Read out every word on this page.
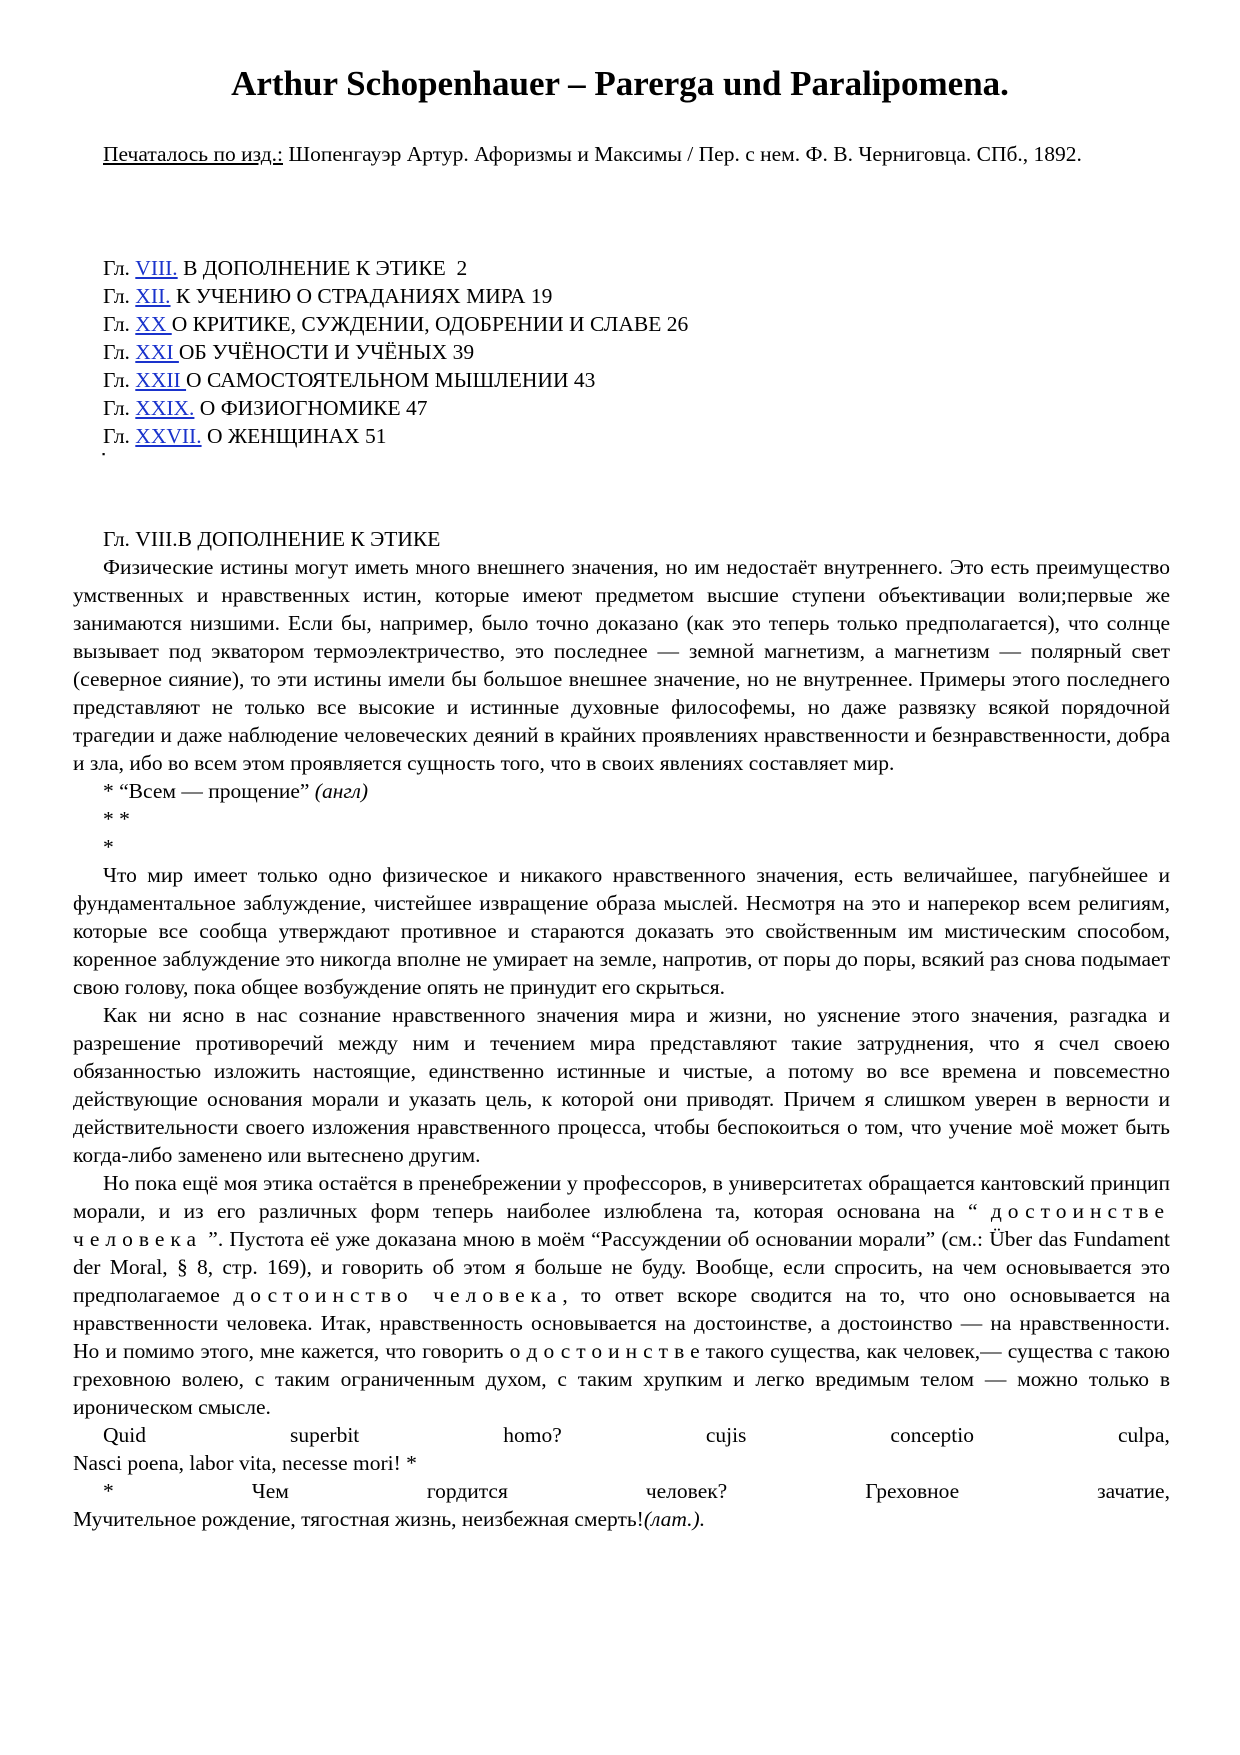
Arthur Schopenhauer – Parerga und Paralipomena.

Печаталось по изд.: Шопенгауэр Артур. Афоризмы и Максимы / Пер. с нем. Ф. В. Черниговца. СПб., 1892.

Гл. VIII. В ДОПОЛНЕНИЕ К ЭТИКЕ  2
Гл. XII. К УЧЕНИЮ О СТРАДАНИЯХ МИРА 19
Гл. XX О КРИТИКЕ, СУЖДЕНИИ, ОДОБРЕНИИ И СЛАВЕ 26
Гл. XXI ОБ УЧЁНОСТИ И УЧЁНЫХ 39
Гл. XXII О САМОСТОЯТЕЛЬНОМ МЫШЛЕНИИ 43
Гл. XXIX. О ФИЗИОГНОМИКЕ 47
Гл. XXVII. О ЖЕНЩИНАХ 51
▪

Гл. VIII.В ДОПОЛНЕНИЕ К ЭТИКЕ

Физические истины могут иметь много внешнего значения, но им недостаёт внутреннего. Это есть преимущество умственных и нравственных истин, которые имеют предметом высшие ступени объективации воли;первые же занимаются низшими. Если бы, например, было точно доказано (как это теперь только предполагается), что солнце вызывает под экватором термоэлектричество, это последнее — земной магнетизм, а магнетизм — полярный свет (северное сияние), то эти истины имели бы большое внешнее значение, но не внутреннее. Примеры этого последнего представляют не только все высокие и истинные духовные философемы, но даже развязку всякой порядочной трагедии и даже наблюдение человеческих деяний в крайних проявлениях нравственности и безнравственности, добра и зла, ибо во всем этом проявляется сущность того, что в своих явлениях составляет мир.

* “Всем — прощение” (англ)

* *

*

Что мир имеет только одно физическое и никакого нравственного значения, есть величайшее, пагубнейшее и фундаментальное заблуждение, чистейшее извращение образа мыслей. Несмотря на это и наперекор всем религиям, которые все сообща утверждают противное и стараются доказать это свойственным им мистическим способом, коренное заблуждение это никогда вполне не умирает на земле, напротив, от поры до поры, всякий раз снова подымает свою голову, пока общее возбуждение опять не принудит его скрыться.

Как ни ясно в нас сознание нравственного значения мира и жизни, но уяснение этого значения, разгадка и разрешение противоречий между ним и течением мира представляют такие затруднения, что я счел своею обязанностью изложить настоящие, единственно истинные и чистые, а потому во все времена и повсеместно действующие основания морали и указать цель, к которой они приводят. Причем я слишком уверен в верности и действительности своего изложения нравственного процесса, чтобы беспокоиться о том, что учение моё может быть когда-либо заменено или вытеснено другим.

Но пока ещё моя этика остаётся в пренебрежении у профессоров, в университетах обращается кантовский принцип морали, и из его различных форм теперь наиболее излюблена та, которая основана на “ достоинстве человека ”. Пустота её уже доказана мною в моём “Рассуждении об основании морали” (см.: Über das Fundament der Moral, § 8, стр. 169), и говорить об этом я больше не буду. Вообще, если спросить, на чем основывается это предполагаемое достоинство человека, то ответ вскоре сводится на то, что оно основывается на нравственности человека. Итак, нравственность основывается на достоинстве, а достоинство — на нравственности. Но и помимо этого, мне кажется, что говорить о достоинстветакого существа, как человек,— существа с такою греховною волею, с таким ограниченным духом, с таким хрупким и легко вредимым телом — можно только в ироническом смысле.

Quid	superbit	homo?	cujis	conceptio	culpa,

Nasci poena, labor vita, necesse mori! *

*	Чем	гордится	человек?	Греховное	зачатие,

Мучительное рождение, тягостная жизнь, неизбежная смерть!(лат.).
